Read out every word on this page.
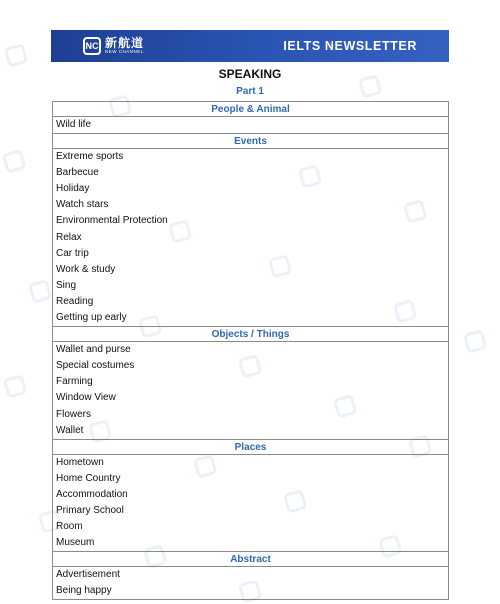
NC 新航道
NEW CHANNEL	IELTS NEWSLETTER
SPEAKING
Part 1
People & Animal
Wild life
Events
Extreme sports
Barbecue
Holiday
Watch stars
Environmental Protection
Relax
Car trip
Work & study
Sing
Reading
Getting up early
Objects / Things
Wallet and purse
Special costumes
Farming
Window View
Flowers
Wallet
Places
Hometown
Home Country
Accommodation
Primary School
Room
Museum
Abstract
Advertisement
Being happy
